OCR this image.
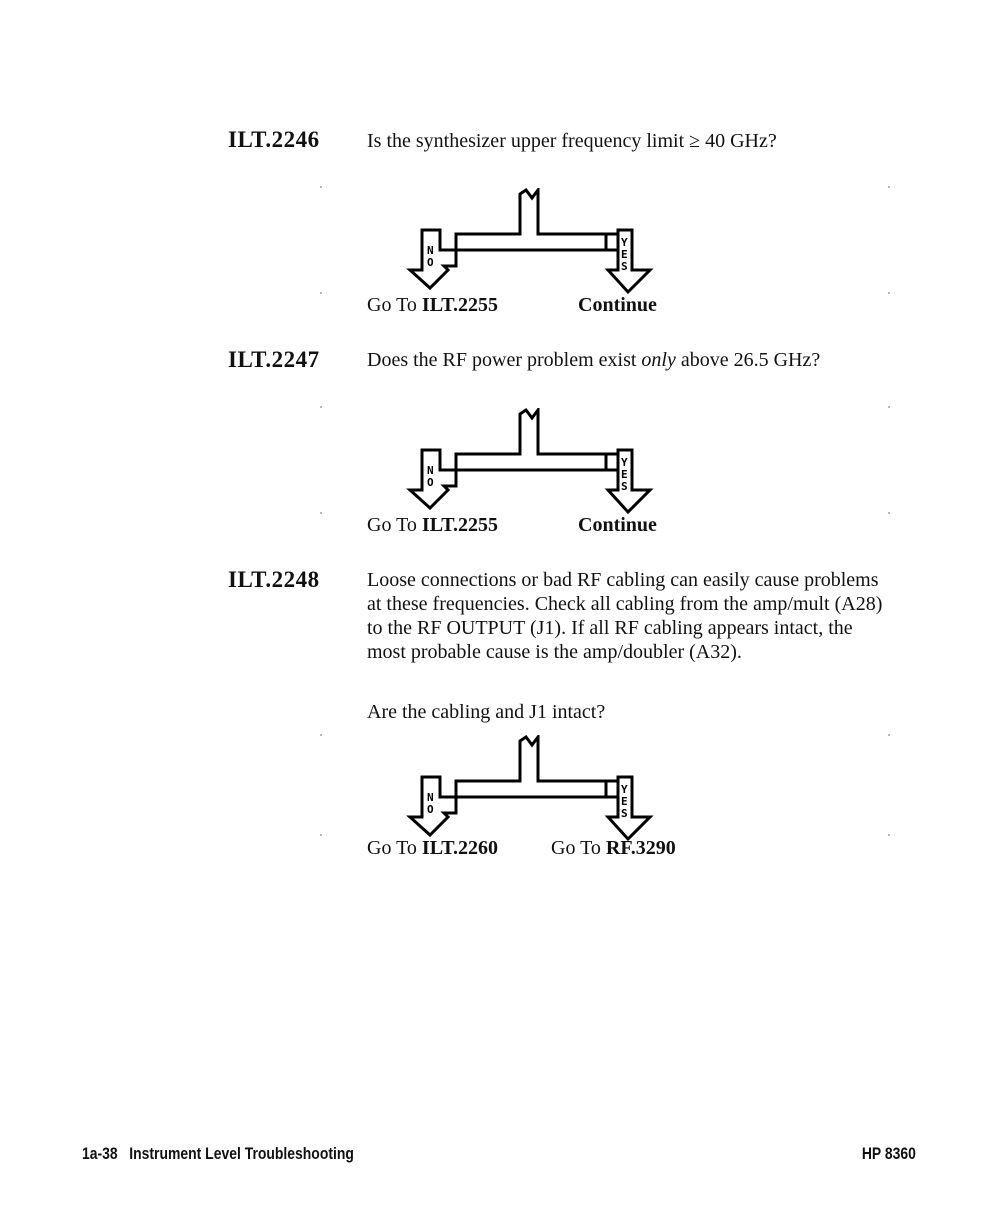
ILT.2246 Is the synthesizer upper frequency limit ≥ 40 GHz?
N
O
Y
E
S
Go To ILT.2255	Continue
ILT.2247 Does the RF power problem exist only above 26.5 GHz?
N
O
Y
E
S
Go To ILT.2255	Continue
ILT.2248 Loose connections or bad RF cabling can easily cause problems at these frequencies. Check all cabling from the amp/mult (A28) to the RF OUTPUT (J1). If all RF cabling appears intact, the most probable cause is the amp/doubler (A32).
Are the cabling and J1 intact?
N
O
Y
E
S
Go To ILT.2260	Go To RF.3290
1a-38 Instrument Level Troubleshooting	HP 8360
